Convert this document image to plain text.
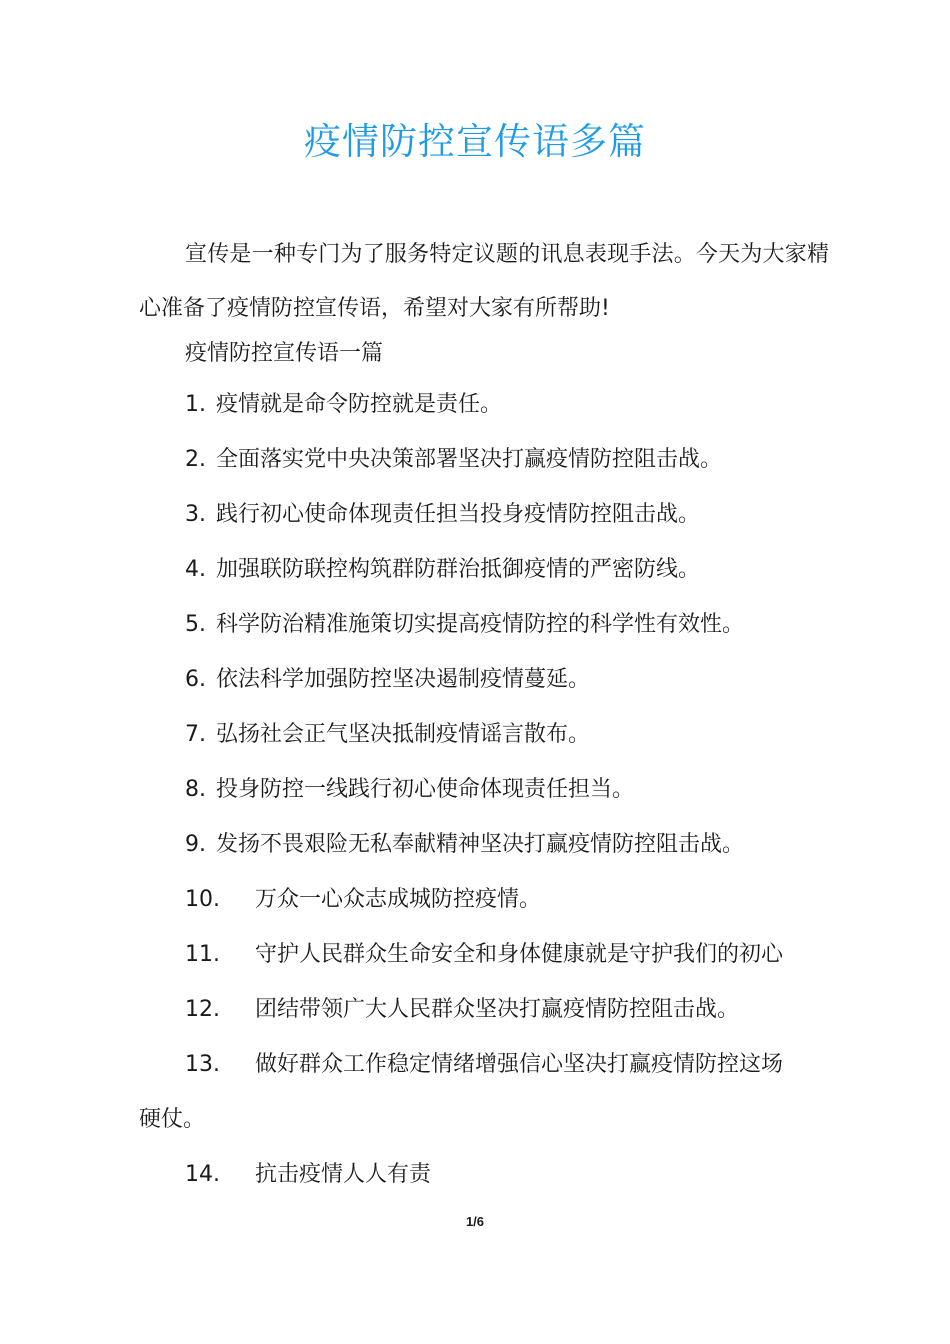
疫情防控宣传语多篇
宣传是一种专门为了服务特定议题的讯息表现手法。今天为大家精心准备了疫情防控宣传语，希望对大家有所帮助!
疫情防控宣传语一篇
1. 疫情就是命令防控就是责任。
2. 全面落实党中央决策部署坚决打赢疫情防控阻击战。
3. 践行初心使命体现责任担当投身疫情防控阻击战。
4. 加强联防联控构筑群防群治抵御疫情的严密防线。
5. 科学防治精准施策切实提高疫情防控的科学性有效性。
6. 依法科学加强防控坚决遏制疫情蔓延。
7. 弘扬社会正气坚决抵制疫情谣言散布。
8. 投身防控一线践行初心使命体现责任担当。
9. 发扬不畏艰险无私奉献精神坚决打赢疫情防控阻击战。
10. 万众一心众志成城防控疫情。
11. 守护人民群众生命安全和身体健康就是守护我们的初心
12. 团结带领广大人民群众坚决打赢疫情防控阻击战。
13. 做好群众工作稳定情绪增强信心坚决打赢疫情防控这场
硬仗。
14. 抗击疫情人人有责
1/6
